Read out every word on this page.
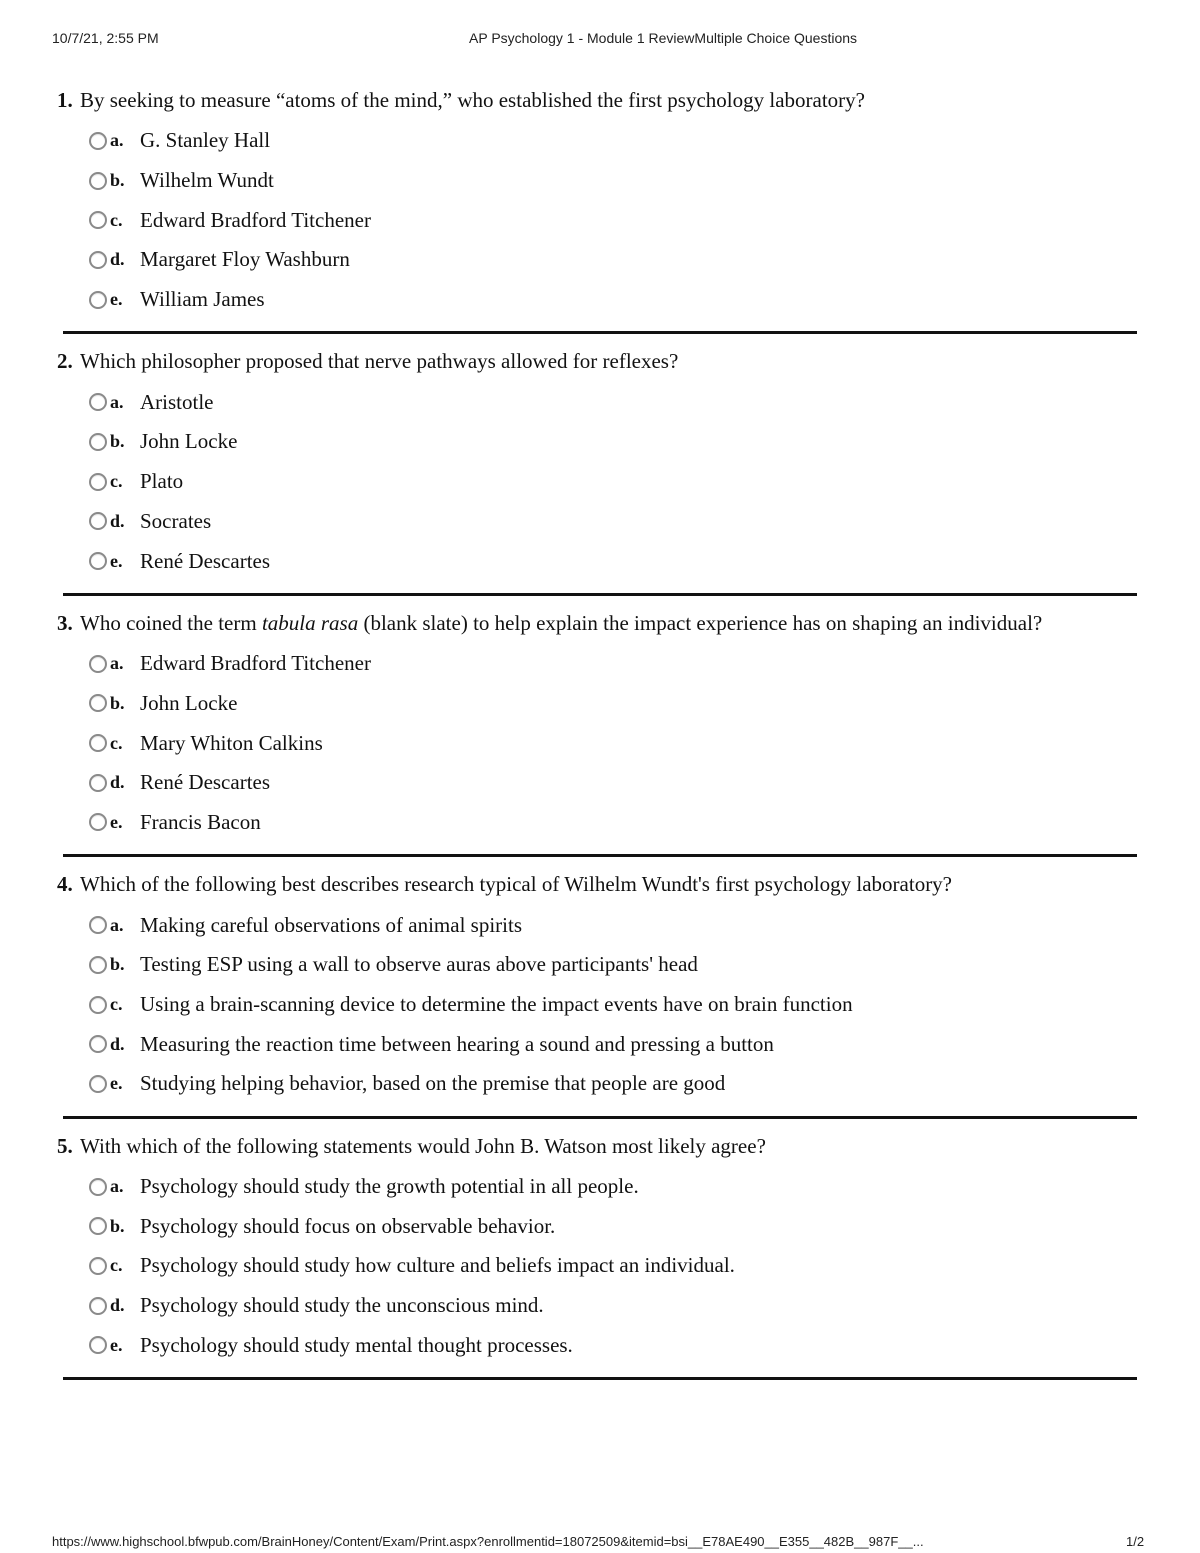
10/7/21, 2:55 PM	AP Psychology 1 - Module 1 ReviewMultiple Choice Questions
1. By seeking to measure “atoms of the mind,” who established the first psychology laboratory?
a. G. Stanley Hall
b. Wilhelm Wundt
c. Edward Bradford Titchener
d. Margaret Floy Washburn
e. William James
2. Which philosopher proposed that nerve pathways allowed for reflexes?
a. Aristotle
b. John Locke
c. Plato
d. Socrates
e. René Descartes
3. Who coined the term tabula rasa (blank slate) to help explain the impact experience has on shaping an individual?
a. Edward Bradford Titchener
b. John Locke
c. Mary Whiton Calkins
d. René Descartes
e. Francis Bacon
4. Which of the following best describes research typical of Wilhelm Wundt's first psychology laboratory?
a. Making careful observations of animal spirits
b. Testing ESP using a wall to observe auras above participants' head
c. Using a brain-scanning device to determine the impact events have on brain function
d. Measuring the reaction time between hearing a sound and pressing a button
e. Studying helping behavior, based on the premise that people are good
5. With which of the following statements would John B. Watson most likely agree?
a. Psychology should study the growth potential in all people.
b. Psychology should focus on observable behavior.
c. Psychology should study how culture and beliefs impact an individual.
d. Psychology should study the unconscious mind.
e. Psychology should study mental thought processes.
https://www.highschool.bfwpub.com/BrainHoney/Content/Exam/Print.aspx?enrollmentid=18072509&itemid=bsi__E78AE490__E355__482B__987F__...	1/2
